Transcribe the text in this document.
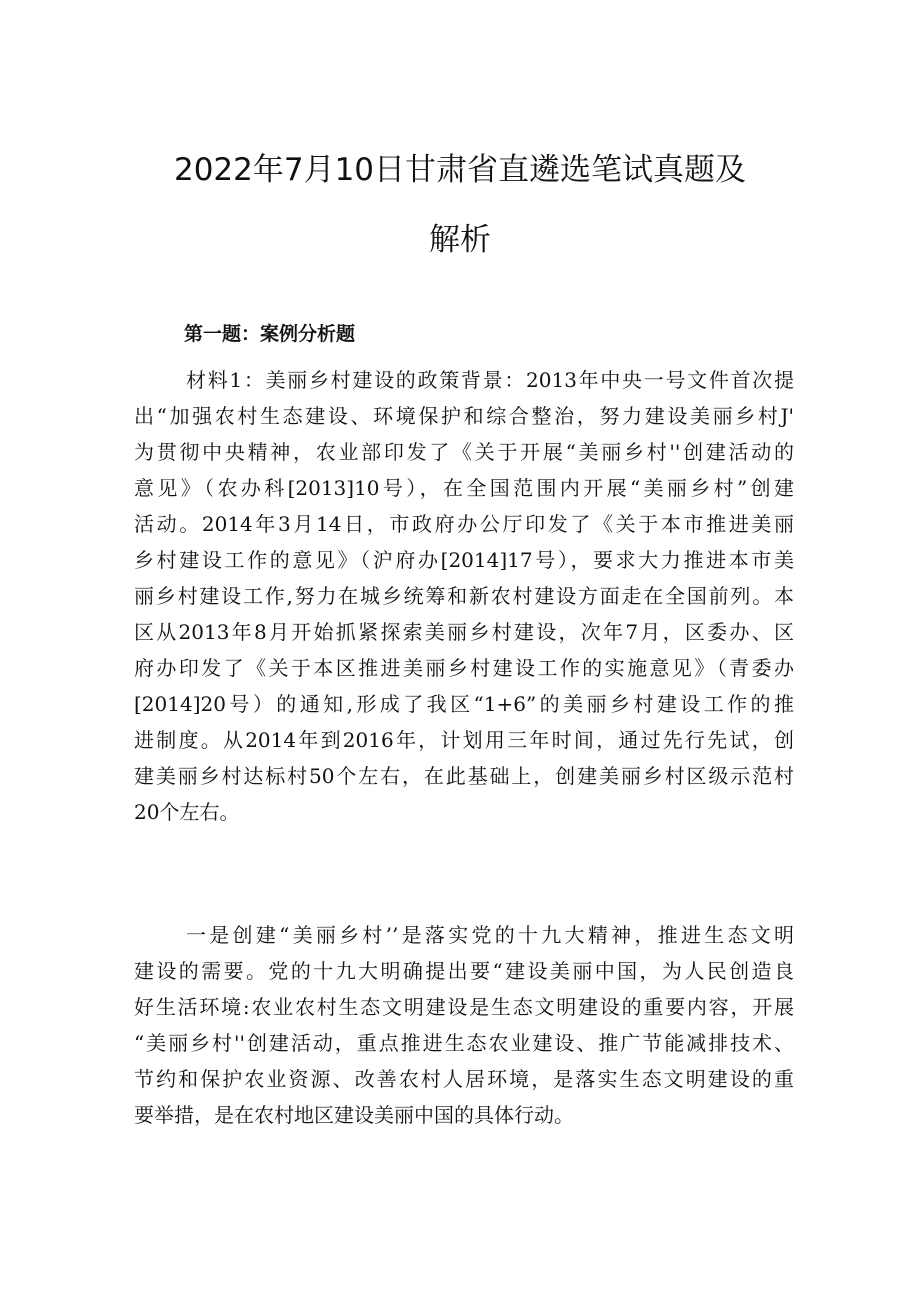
2022年7月10日甘肃省直遴选笔试真题及
解析
第一题：案例分析题
材料1：美丽乡村建设的政策背景：2013年中央一号文件首次提
出“加强农村生态建设、环境保护和综合整治，努力建设美丽乡村J'
为贯彻中央精神，农业部印发了《关于开展“美丽乡村''创建活动的
意见》（农办科[2013]10号），在全国范围内开展“美丽乡村”创建
活动。2014年3月14日，市政府办公厅印发了《关于本市推进美丽
乡村建设工作的意见》（沪府办[2014]17号），要求大力推进本市美
丽乡村建设工作,努力在城乡统筹和新农村建设方面走在全国前列。本
区从2013年8月开始抓紧探索美丽乡村建设，次年7月，区委办、区
府办印发了《关于本区推进美丽乡村建设工作的实施意见》（青委办
[2014]20号）的通知,形成了我区“1+6”的美丽乡村建设工作的推
进制度。从2014年到2016年，计划用三年时间，通过先行先试，创
建美丽乡村达标村50个左右，在此基础上，创建美丽乡村区级示范村
20个左右。
一是创建“美丽乡村’’是落实党的十九大精神，推进生态文明
建设的需要。党的十九大明确提出要“建设美丽中国，为人民创造良
好生活环境:农业农村生态文明建设是生态文明建设的重要内容，开展
“美丽乡村''创建活动，重点推进生态农业建设、推广节能减排技术、
节约和保护农业资源、改善农村人居环境，是落实生态文明建设的重
要举措，是在农村地区建设美丽中国的具体行动。
